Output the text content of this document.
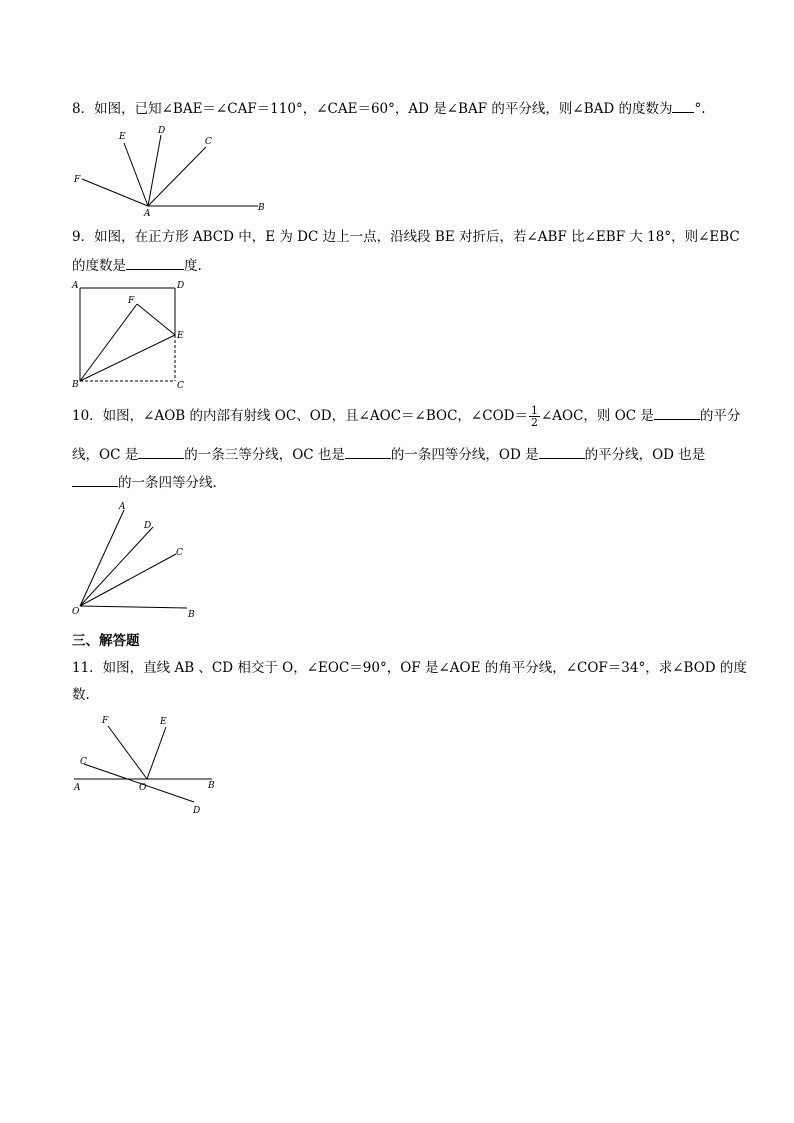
8．如图，已知∠BAE＝∠CAF＝110°，∠CAE＝60°，AD 是∠BAF 的平分线，则∠BAD 的度数为 °.
E
D
C
F
A
B
9．如图，在正方形 ABCD 中，E 为 DC 边上一点，沿线段 BE 对折后，若∠ABF 比∠EBF 大 18°，则∠EBC
的度数是	度.
A	D
F
E
B	C
10．如图，∠AOB 的内部有射线 OC、OD，且∠AOC＝∠BOC，∠COD＝ $\frac{1}{2}$ ∠AOC，则 OC 是	的平分
线，OC 是	的一条三等分线，OC 也是	的一条四等分线，OD 是	的平分线，OD 也是
的一条四等分线.
A
D
C
O	B
三、解答题
11．如图，直线 AB 、CD 相交于 O，∠EOC＝90°，OF 是∠AOE 的角平分线，∠COF＝34°，求∠BOD 的度
数.
F	E
C
A	O	B
D
